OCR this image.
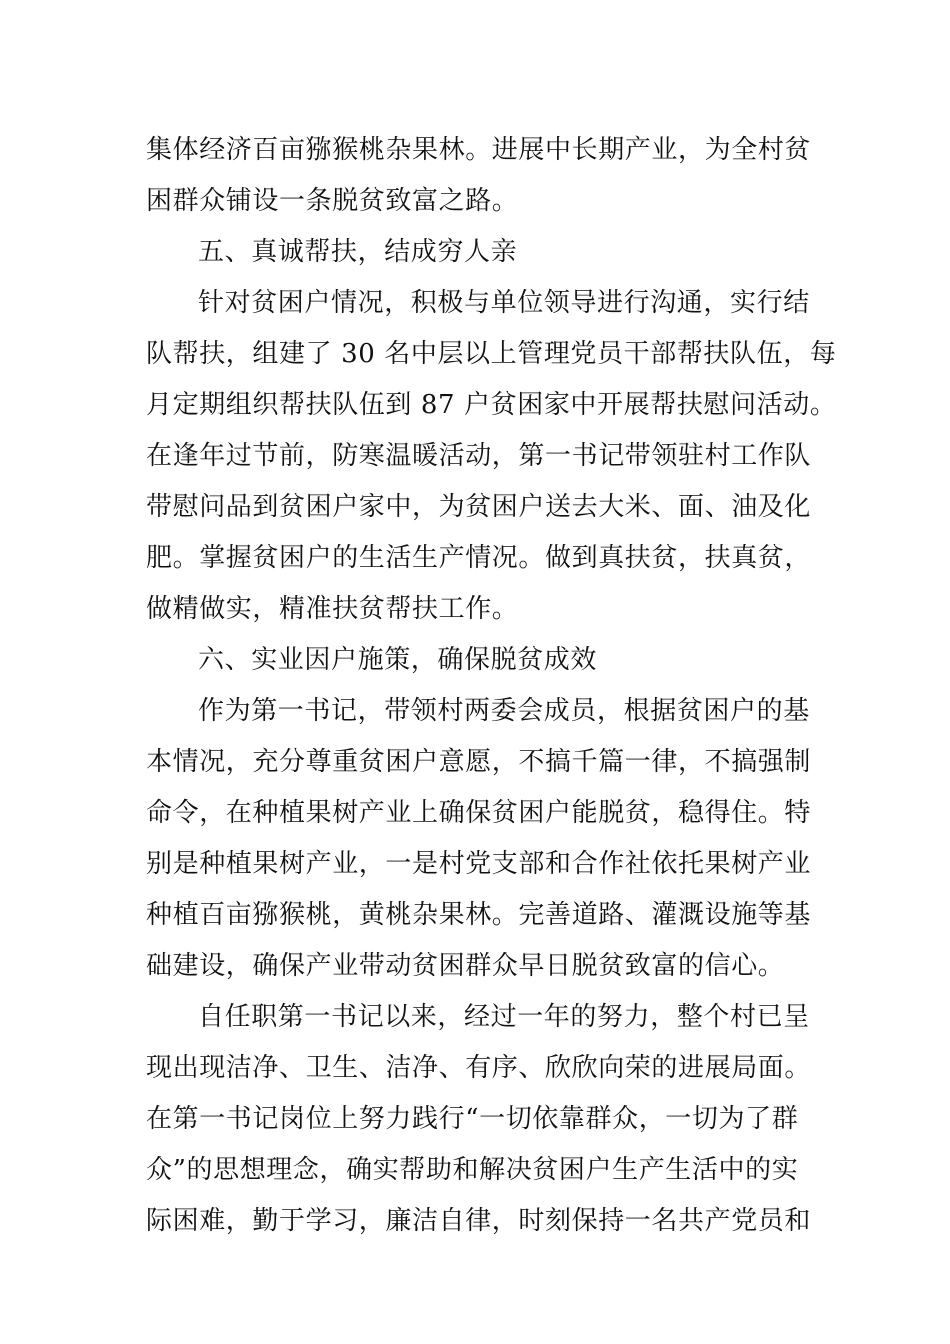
集体经济百亩猕猴桃杂果林。进展中长期产业，为全村贫
困群众铺设一条脱贫致富之路。
五、真诚帮扶，结成穷人亲
针对贫困户情况，积极与单位领导进行沟通，实行结
队帮扶，组建了 30 名中层以上管理党员干部帮扶队伍，每
月定期组织帮扶队伍到 87 户贫困家中开展帮扶慰问活动。
在逢年过节前，防寒温暖活动，第一书记带领驻村工作队
带慰问品到贫困户家中，为贫困户送去大米、面、油及化
肥。掌握贫困户的生活生产情况。做到真扶贫，扶真贫，
做精做实，精准扶贫帮扶工作。
六、实业因户施策，确保脱贫成效
作为第一书记，带领村两委会成员，根据贫困户的基
本情况，充分尊重贫困户意愿，不搞千篇一律，不搞强制
命令，在种植果树产业上确保贫困户能脱贫，稳得住。特
别是种植果树产业，一是村党支部和合作社依托果树产业
种植百亩猕猴桃，黄桃杂果林。完善道路、灌溉设施等基
础建设，确保产业带动贫困群众早日脱贫致富的信心。
自任职第一书记以来，经过一年的努力，整个村已呈
现出现洁净、卫生、洁净、有序、欣欣向荣的进展局面。
在第一书记岗位上努力践行“一切依靠群众，一切为了群
众”的思想理念，确实帮助和解决贫困户生产生活中的实
际困难，勤于学习，廉洁自律，时刻保持一名共产党员和
